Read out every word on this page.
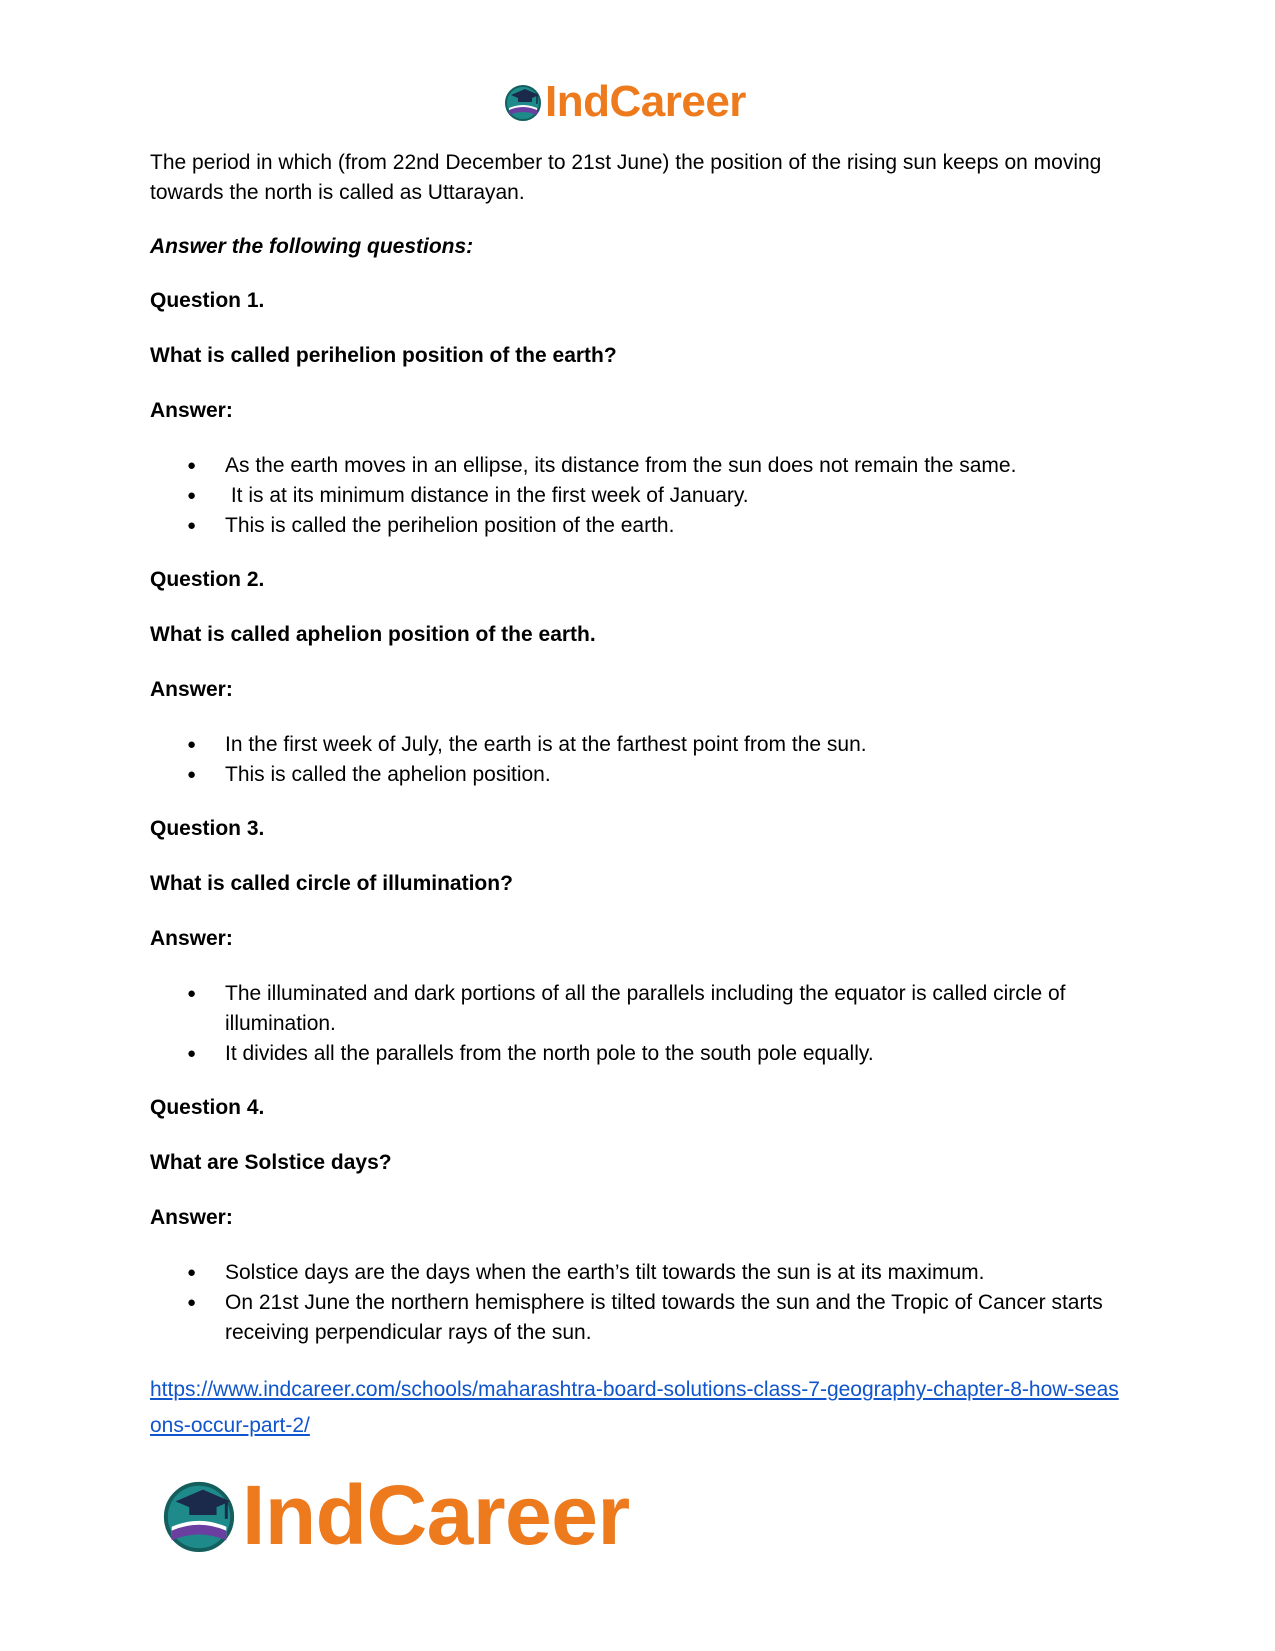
IndCareer

The period in which (from 22nd December to 21st June) the position of the rising sun keeps on moving towards the north is called as Uttarayan.

Answer the following questions:

Question 1.

What is called perihelion position of the earth?

Answer:

● As the earth moves in an ellipse, its distance from the sun does not remain the same.
●  It is at its minimum distance in the first week of January.
● This is called the perihelion position of the earth.

Question 2.

What is called aphelion position of the earth.

Answer:

● In the first week of July, the earth is at the farthest point from the sun.
● This is called the aphelion position.

Question 3.

What is called circle of illumination?

Answer:

● The illuminated and dark portions of all the parallels including the equator is called circle of illumination.
● It divides all the parallels from the north pole to the south pole equally.

Question 4.

What are Solstice days?

Answer:

● Solstice days are the days when the earth’s tilt towards the sun is at its maximum.
● On 21st June the northern hemisphere is tilted towards the sun and the Tropic of Cancer starts receiving perpendicular rays of the sun.
https://www.indcareer.com/schools/maharashtra-board-solutions-class-7-geography-chapter-8-how-seasons-occur-part-2/
IndCareer
